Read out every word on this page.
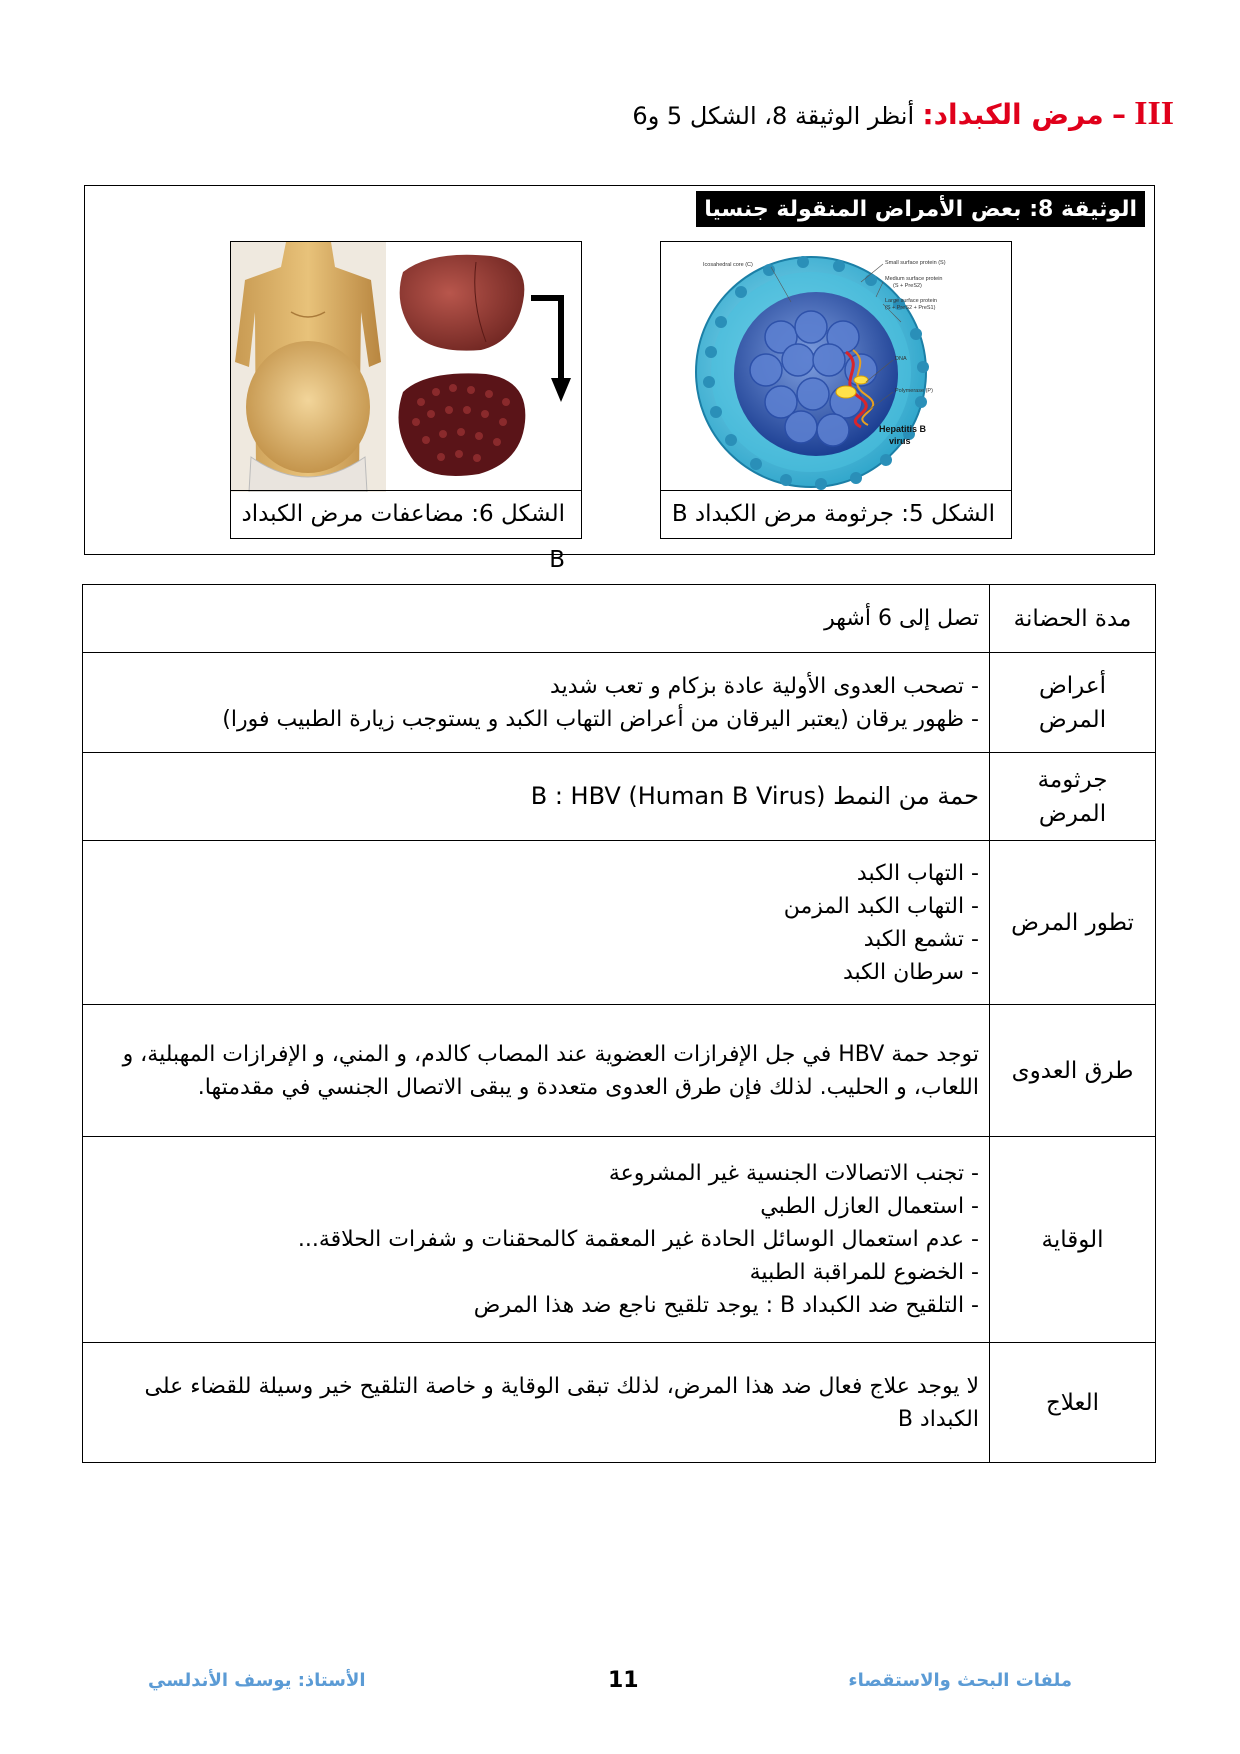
III – مرض الكبداد: أنظر الوثيقة 8، الشكل 5 و6
الوثيقة 8:

بعض الأمراض المنقولة جنسيا
Icosahedral core (C)	Small surface protein (S)
Medium surface protein
(S + PreS2)
Large surface protein
(S + PreS2 + PreS1)
DNA
Polymerase (P)
Hepatitis B
virus
الشكل 5: جرثومة مرض الكبداد B
الشكل 6: مضاعفات مرض الكبداد B
مدة الحضانة	تصل إلى 6 أشهر

أعراض
المرض	- تصحب العدوى الأولية عادة بزكام و تعب شديد
- ظهور يرقان (يعتبر اليرقان من أعراض التهاب الكبد و يستوجب زيارة الطبيب فورا)

جرثومة
المرض	حمة من النمط B : HBV (Human B Virus)
تطور المرض	- التهاب الكبد
- التهاب الكبد المزمن
- تشمع الكبد
- سرطان الكبد

طرق العدوى	توجد حمة HBV في جل الإفرازات العضوية عند المصاب كالدم، و المني، و الإفرازات المهبلية، و اللعاب، و الحليب. لذلك فإن طرق العدوى متعددة و يبقى الاتصال الجنسي في مقدمتها.
الوقاية	- تجنب الاتصالات الجنسية غير المشروعة
- استعمال العازل الطبي
- عدم استعمال الوسائل الحادة غير المعقمة كالمحقنات و شفرات الحلاقة...
- الخضوع للمراقبة الطبية
- التلقيح ضد الكبداد B : يوجد تلقيح ناجع ضد هذا المرض

العلاج	لا يوجد علاج فعال ضد هذا المرض، لذلك تبقى الوقاية و خاصة التلقيح خير وسيلة للقضاء على الكبداد B
الأستاذ: يوسف الأندلسي	11	ملفات البحث والاستقصاء
